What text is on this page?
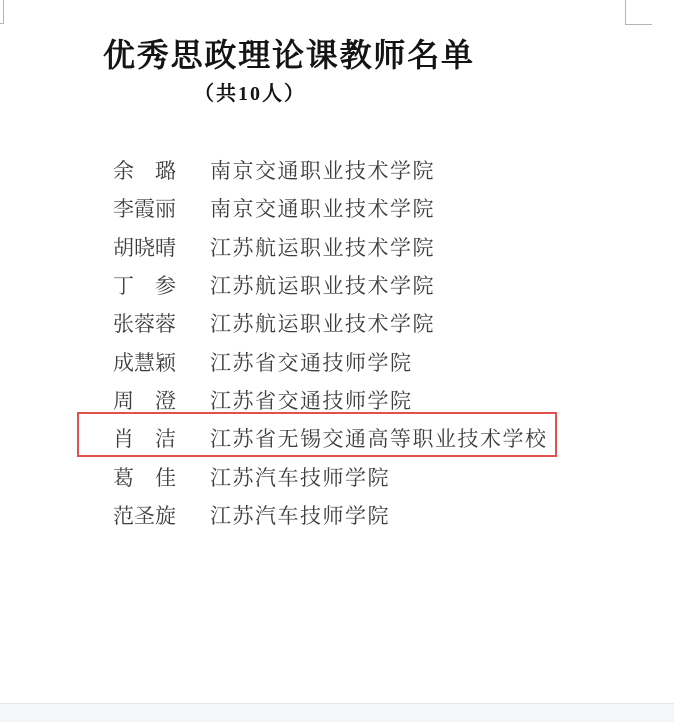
优秀思政理论课教师名单
（共10人）
余 璐 南京交通职业技术学院
李 霞 丽 南京交通职业技术学院
胡 晓 晴 江苏航运职业技术学院
丁 参 江苏航运职业技术学院
张 蓉 蓉 江苏航运职业技术学院
成 慧 颖 江苏省交通技师学院
周 澄 江苏省交通技师学院
肖 洁 江苏省无锡交通高等职业技术学校
葛 佳 江苏汽车技师学院
范 圣 旋 江苏汽车技师学院
